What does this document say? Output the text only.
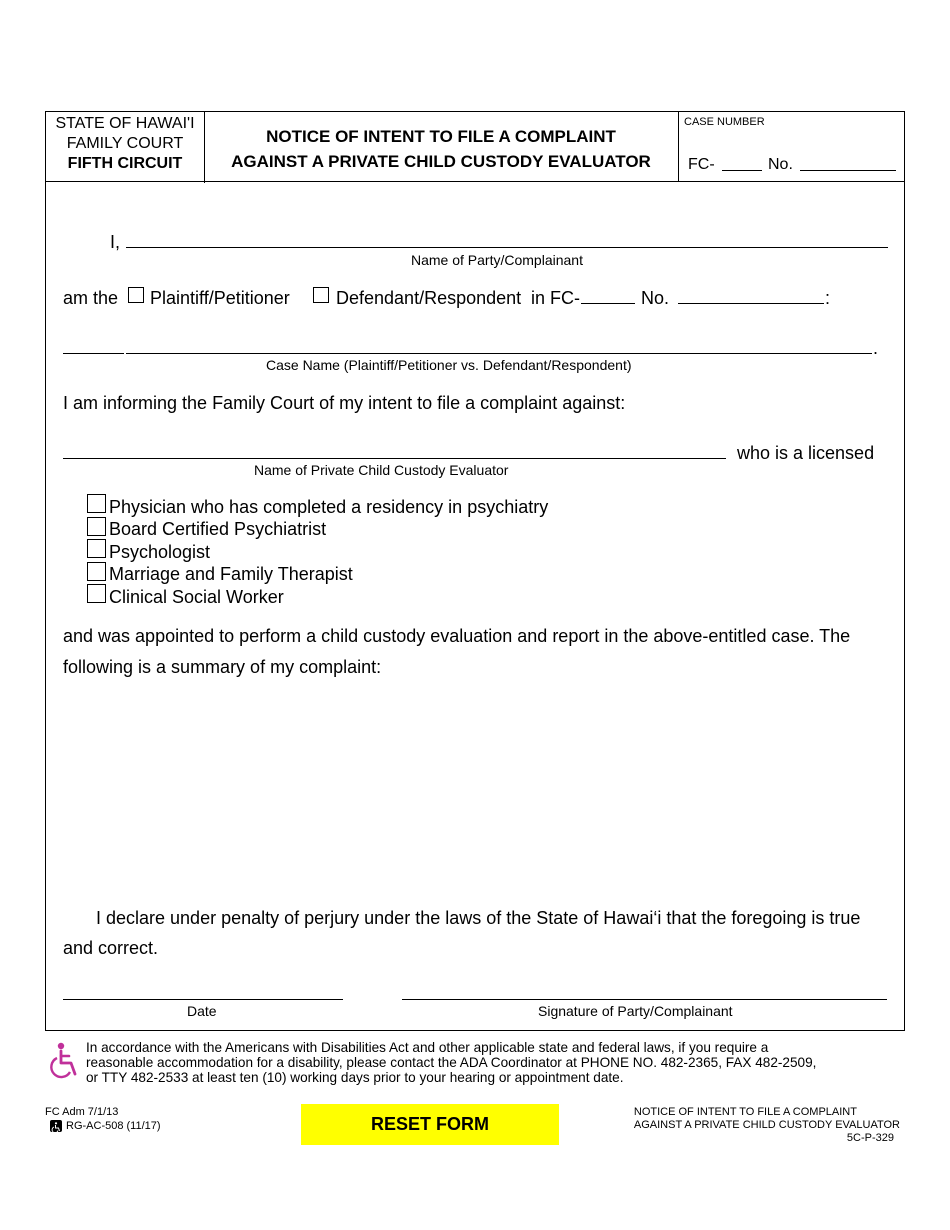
STATE OF HAWAI'I
FAMILY COURT
FIFTH CIRCUIT
NOTICE OF INTENT TO FILE A COMPLAINT
AGAINST A PRIVATE CHILD CUSTODY EVALUATOR
CASE NUMBER
FC-	No.
I,
Name of Party/Complainant
am the Plaintiff/Petitioner	Defendant/Respondent in FC-	No.	:
.
Case Name (Plaintiff/Petitioner vs. Defendant/Respondent)
I am informing the Family Court of my intent to file a complaint against:
who is a licensed
Name of Private Child Custody Evaluator
Physician who has completed a residency in psychiatry
Board Certified Psychiatrist
Psychologist
Marriage and Family Therapist
Clinical Social Worker
and was appointed to perform a child custody evaluation and report in the above-entitled case. The
following is a summary of my complaint:
I declare under penalty of perjury under the laws of the State of Hawai‘i that the foregoing is true
and correct.
Date	Signature of Party/Complainant
In accordance with the Americans with Disabilities Act and other applicable state and federal laws, if you require a
reasonable accommodation for a disability, please contact the ADA Coordinator at PHONE NO. 482-2365, FAX 482-2509,
or TTY 482-2533 at least ten (10) working days prior to your hearing or appointment date.
FC Adm 7/1/13
RG-AC-508 (11/17)	RESET FORM
NOTICE OF INTENT TO FILE A COMPLAINT
AGAINST A PRIVATE CHILD CUSTODY EVALUATOR
5C-P-329
